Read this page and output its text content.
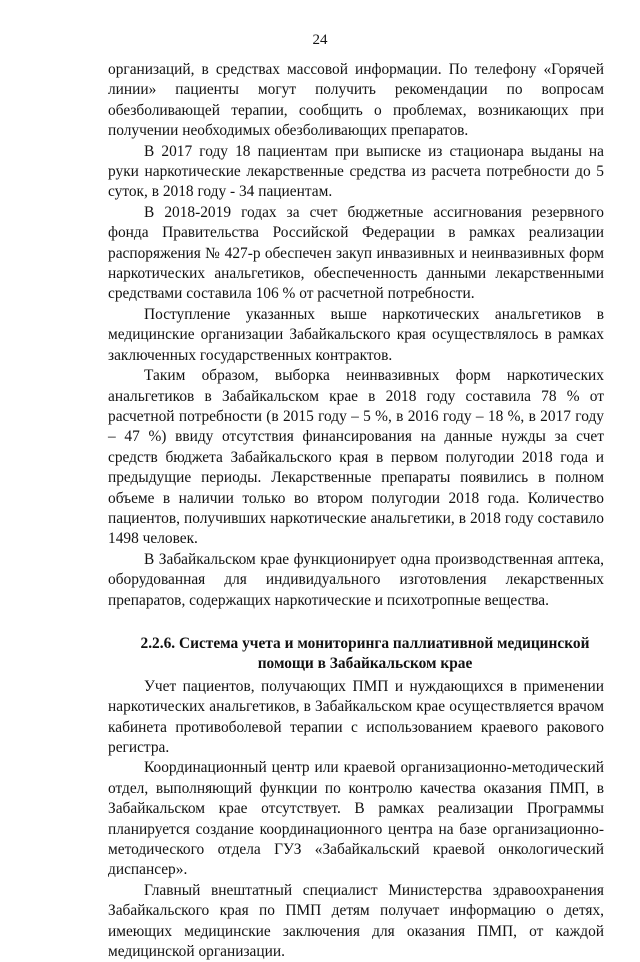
24

организаций, в средствах массовой информации. По телефону «Горячей линии» пациенты могут получить рекомендации по вопросам обезболивающей терапии, сообщить о проблемах, возникающих при получении необходимых обезболивающих препаратов.

В 2017 году 18 пациентам при выписке из стационара выданы на руки наркотические лекарственные средства из расчета потребности до 5 суток, в 2018 году - 34 пациентам.

В 2018-2019 годах за счет бюджетные ассигнования резервного фонда Правительства Российской Федерации в рамках реализации распоряжения № 427-р обеспечен закуп инвазивных и неинвазивных форм наркотических анальгетиков, обеспеченность данными лекарственными средствами составила 106 % от расчетной потребности.

Поступление указанных выше наркотических анальгетиков в медицинские организации Забайкальского края осуществлялось в рамках заключенных государственных контрактов.

Таким образом, выборка неинвазивных форм наркотических анальгетиков в Забайкальском крае в 2018 году составила 78 % от расчетной потребности (в 2015 году – 5 %, в 2016 году – 18 %, в 2017 году – 47 %) ввиду отсутствия финансирования на данные нужды за счет средств бюджета Забайкальского края в первом полугодии 2018 года и предыдущие периоды. Лекарственные препараты появились в полном объеме в наличии только во втором полугодии 2018 года. Количество пациентов, получивших наркотические анальгетики, в 2018 году составило 1498 человек.

В Забайкальском крае функционирует одна производственная аптека, оборудованная для индивидуального изготовления лекарственных препаратов, содержащих наркотические и психотропные вещества.

2.2.6. Система учета и мониторинга паллиативной медицинской
помощи в Забайкальском крае

Учет пациентов, получающих ПМП и нуждающихся в применении наркотических анальгетиков, в Забайкальском крае осуществляется врачом кабинета противоболевой терапии с использованием краевого ракового регистра.

Координационный центр или краевой организационно-методический отдел, выполняющий функции по контролю качества оказания ПМП, в Забайкальском крае отсутствует. В рамках реализации Программы планируется создание координационного центра на базе организационно-методического отдела ГУЗ «Забайкальский краевой онкологический диспансер».

Главный внештатный специалист Министерства здравоохранения Забайкальского края по ПМП детям получает информацию о детях, имеющих медицинские заключения для оказания ПМП, от каждой медицинской организации.
